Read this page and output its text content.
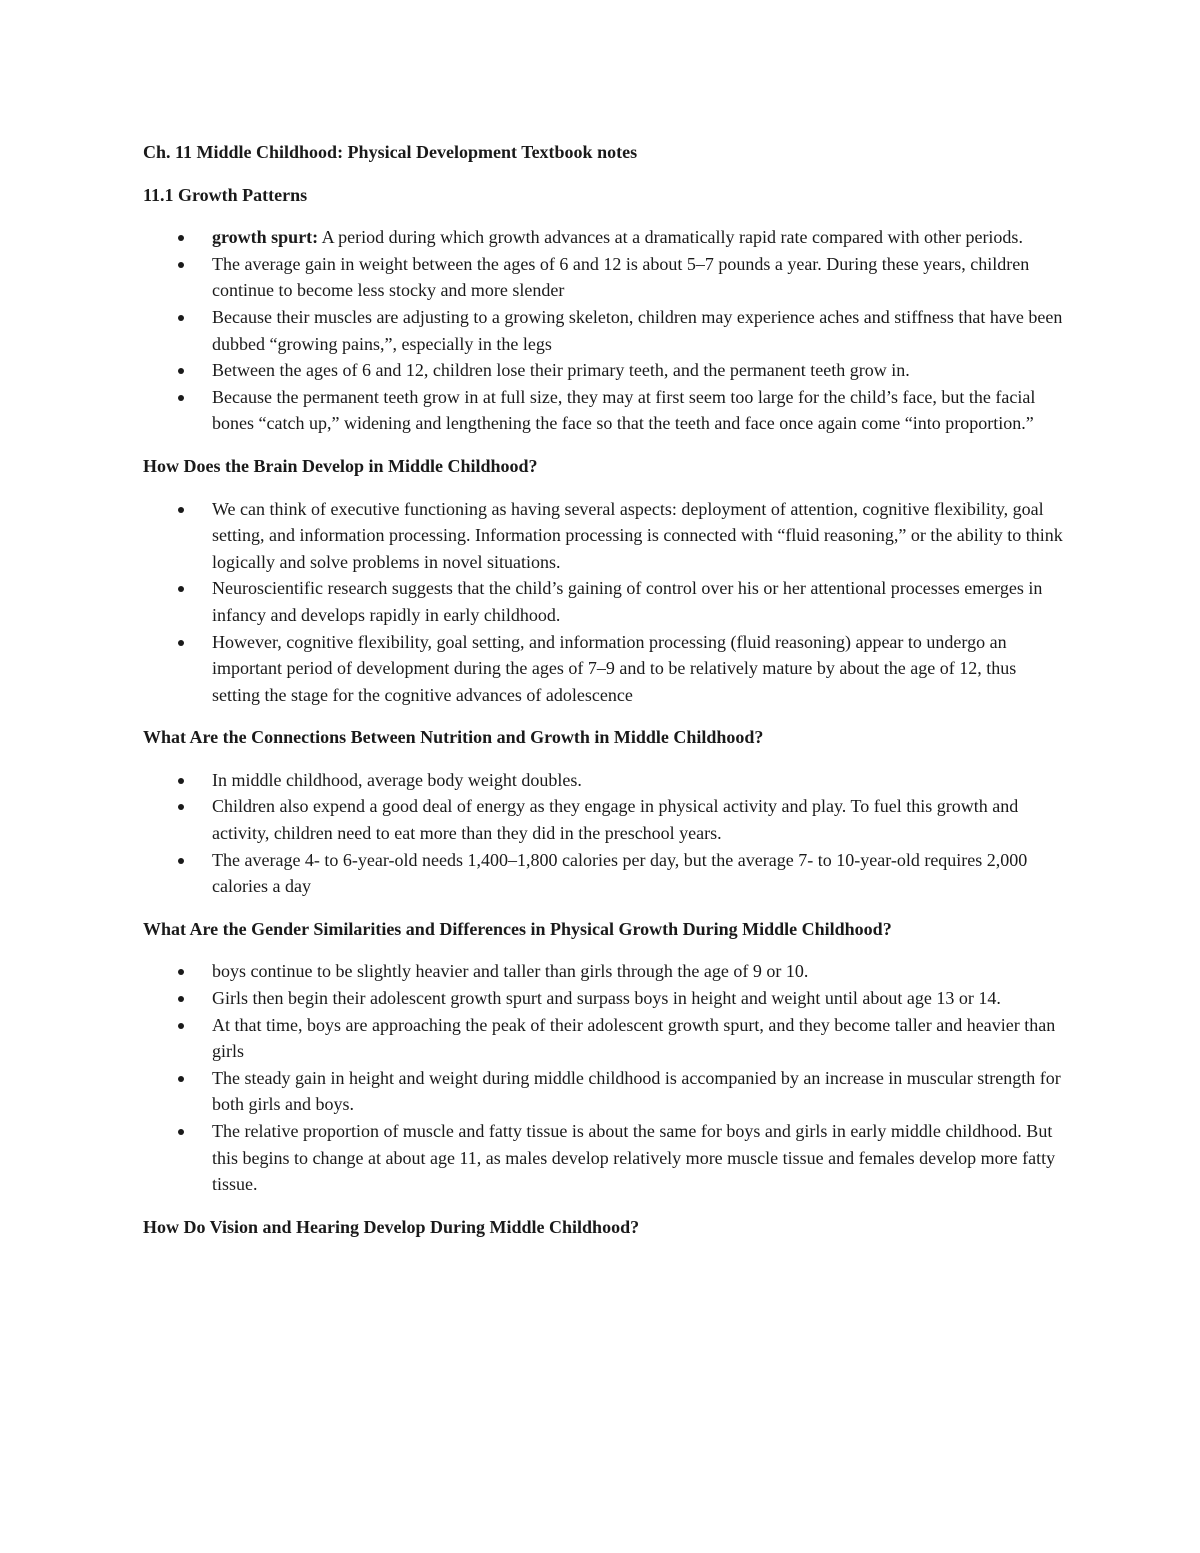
Ch. 11 Middle Childhood: Physical Development Textbook notes
11.1 Growth Patterns
growth spurt: A period during which growth advances at a dramatically rapid rate compared with other periods.
The average gain in weight between the ages of 6 and 12 is about 5–7 pounds a year. During these years, children continue to become less stocky and more slender
Because their muscles are adjusting to a growing skeleton, children may experience aches and stiffness that have been dubbed “growing pains,”, especially in the legs
Between the ages of 6 and 12, children lose their primary teeth, and the permanent teeth grow in.
Because the permanent teeth grow in at full size, they may at first seem too large for the child’s face, but the facial bones “catch up,” widening and lengthening the face so that the teeth and face once again come “into proportion.”
How Does the Brain Develop in Middle Childhood?
We can think of executive functioning as having several aspects: deployment of attention, cognitive flexibility, goal setting, and information processing. Information processing is connected with “fluid reasoning,” or the ability to think logically and solve problems in novel situations.
Neuroscientific research suggests that the child’s gaining of control over his or her attentional processes emerges in infancy and develops rapidly in early childhood.
However, cognitive flexibility, goal setting, and information processing (fluid reasoning) appear to undergo an important period of development during the ages of 7–9 and to be relatively mature by about the age of 12, thus setting the stage for the cognitive advances of adolescence
What Are the Connections Between Nutrition and Growth in Middle Childhood?
In middle childhood, average body weight doubles.
Children also expend a good deal of energy as they engage in physical activity and play. To fuel this growth and activity, children need to eat more than they did in the preschool years.
The average 4- to 6-year-old needs 1,400–1,800 calories per day, but the average 7- to 10-year-old requires 2,000 calories a day
What Are the Gender Similarities and Differences in Physical Growth During Middle Childhood?
boys continue to be slightly heavier and taller than girls through the age of 9 or 10.
Girls then begin their adolescent growth spurt and surpass boys in height and weight until about age 13 or 14.
At that time, boys are approaching the peak of their adolescent growth spurt, and they become taller and heavier than girls
The steady gain in height and weight during middle childhood is accompanied by an increase in muscular strength for both girls and boys.
The relative proportion of muscle and fatty tissue is about the same for boys and girls in early middle childhood. But this begins to change at about age 11, as males develop relatively more muscle tissue and females develop more fatty tissue.
How Do Vision and Hearing Develop During Middle Childhood?
